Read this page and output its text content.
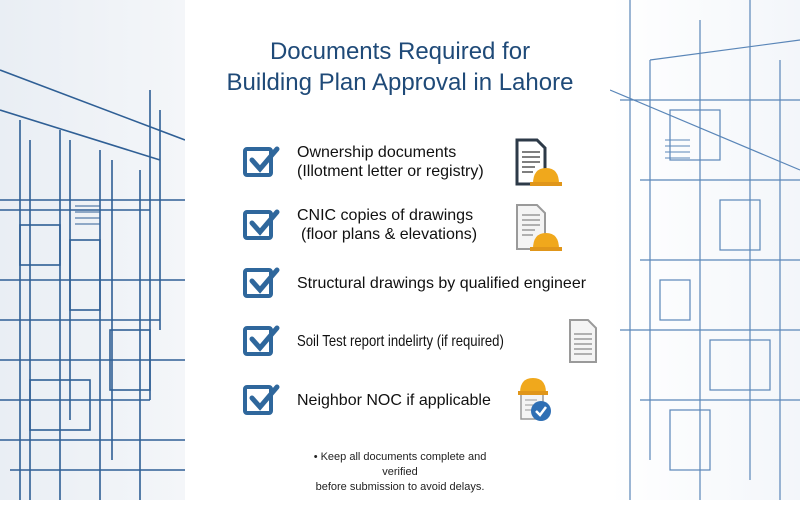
Documents Required for
Building Plan Approval in Lahore
Ownership documents
(Illotment letter or registry)
CNIC copies of drawings
(floor plans & elevations)
Structural drawings by qualified engineer
Soil Test report indelirty (if required)
Neighbor NOC if applicable
• Keep all documents complete and verified
before submission to avoid delays.
